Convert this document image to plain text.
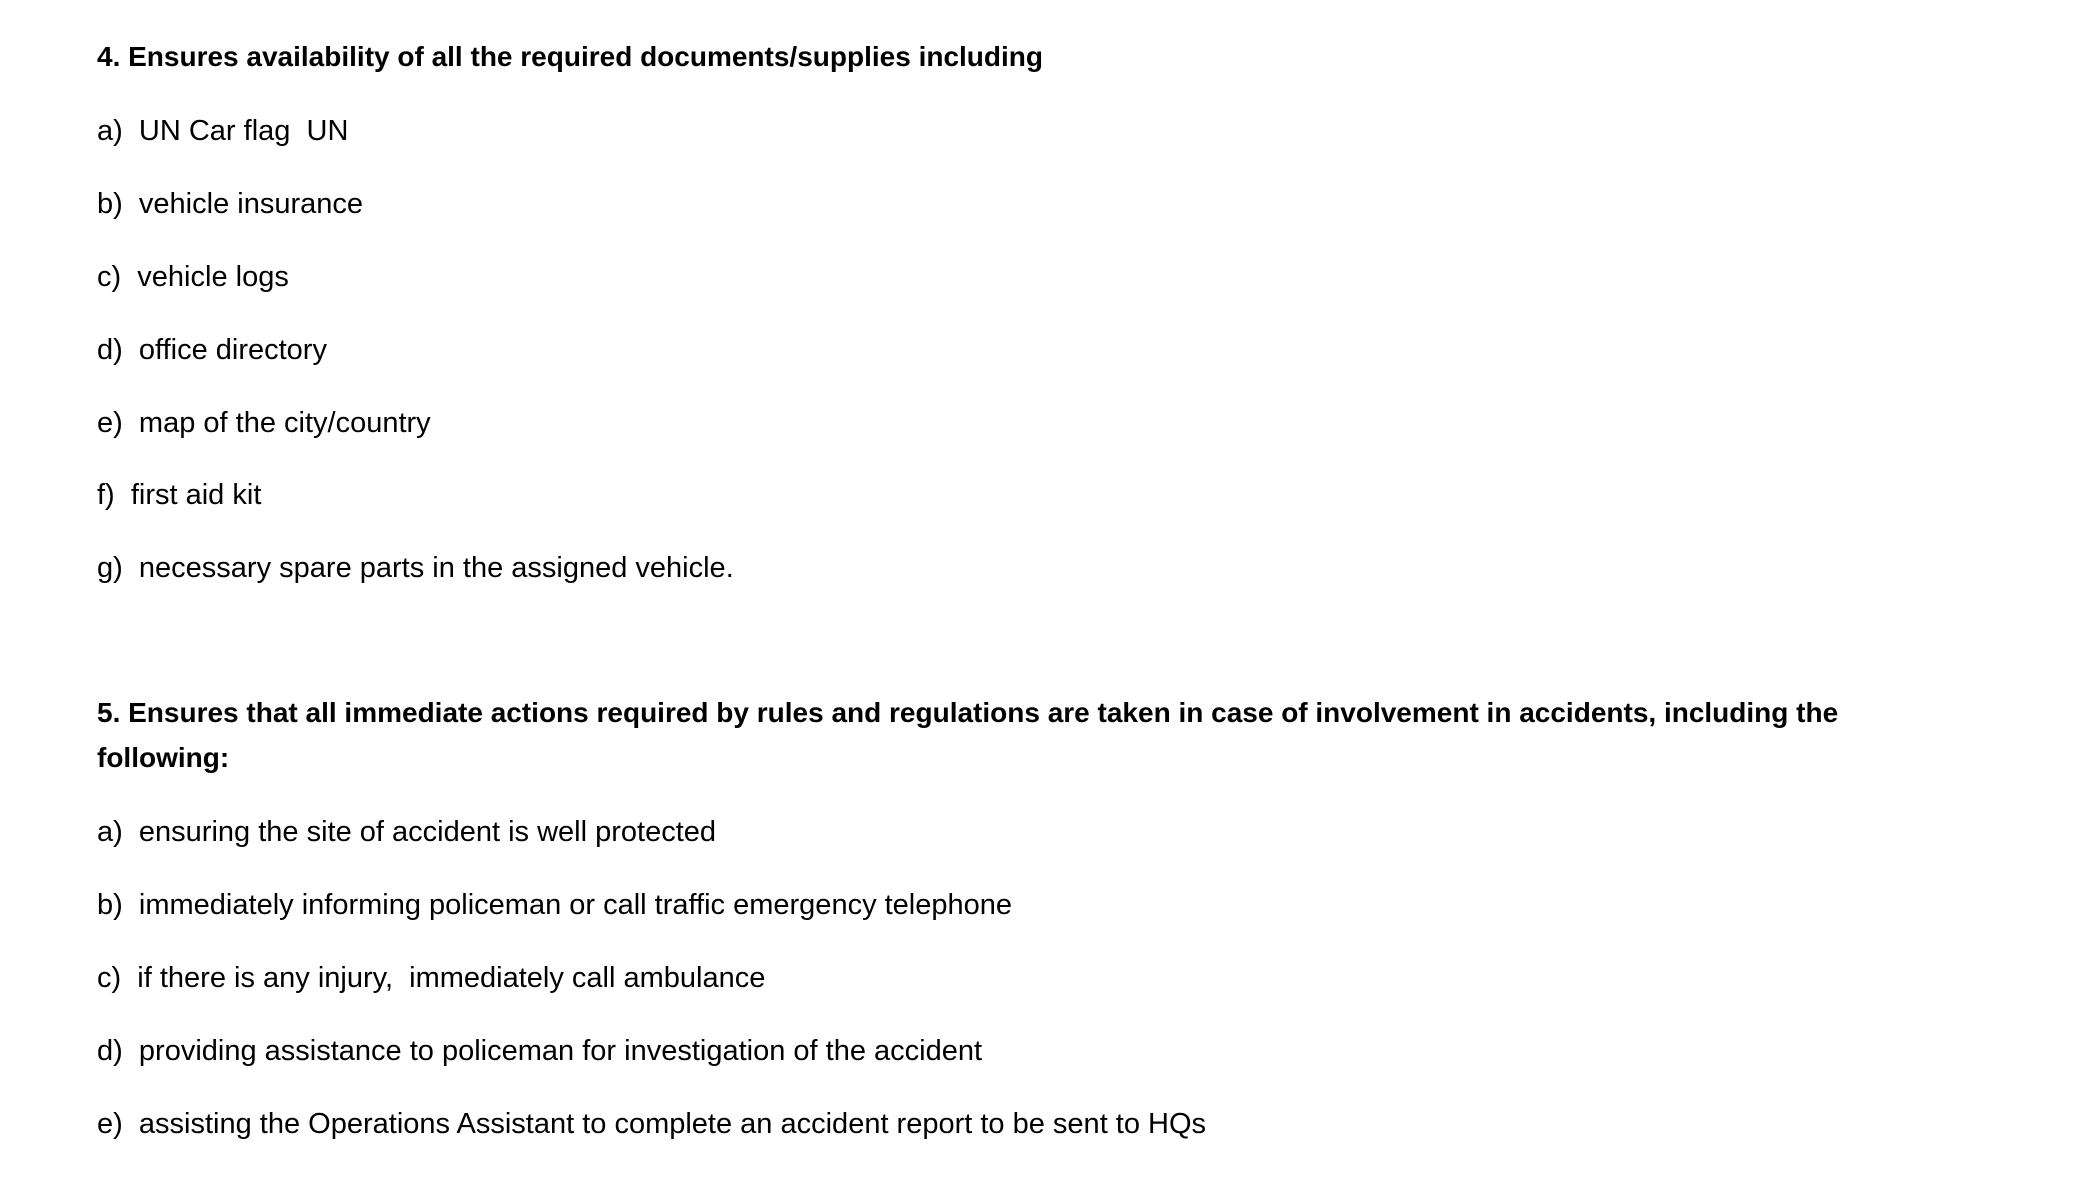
4. Ensures availability of all the required documents/supplies including
a) UN Car flag  UN
b) vehicle insurance
c) vehicle logs
d) office directory
e) map of the city/country
f) first aid kit
g) necessary spare parts in the assigned vehicle.
5. Ensures that all immediate actions required by rules and regulations are taken in case of involvement in accidents, including the
following:
a) ensuring the site of accident is well protected
b) immediately informing policeman or call traffic emergency telephone
c) if there is any injury,  immediately call ambulance
d) providing assistance to policeman for investigation of the accident
e) assisting the Operations Assistant to complete an accident report to be sent to HQs
